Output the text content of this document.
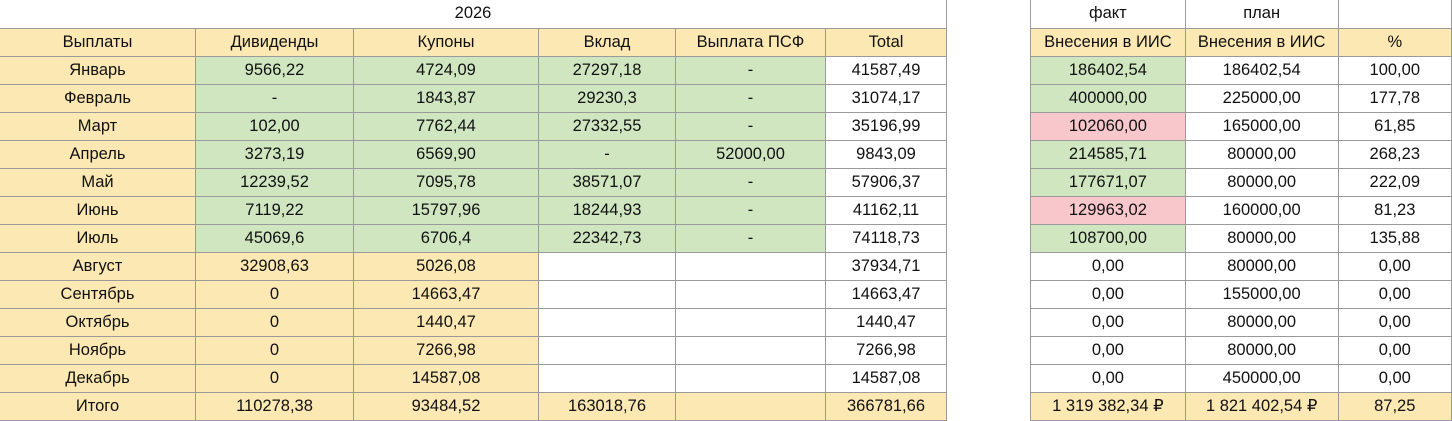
2026					
Выплаты	Дивиденды	Купоны	Вклад	Выплата ПСФ	Total
Январь	9566,22	4724,09	27297,18	-	41587,49
Февраль	-	1843,87	29230,3	-	31074,17
Март	102,00	7762,44	27332,55	-	35196,99
Апрель	3273,19	6569,90	-	52000,00	9843,09
Май	12239,52	7095,78	38571,07	-	57906,37
Июнь	7119,22	15797,96	18244,93	-	41162,11
Июль	45069,6	6706,4	22342,73	-	74118,73
Август	32908,63	5026,08			37934,71
Сентябрь	0	14663,47			14663,47
Октябрь	0	1440,47			1440,47
Ноябрь	0	7266,98			7266,98
Декабрь	0	14587,08			14587,08
Итого	110278,38	93484,52	163018,76		366781,66
факт	план	
Внесения в ИИС	Внесения в ИИС	%
186402,54	186402,54	100,00
400000,00	225000,00	177,78
102060,00	165000,00	61,85
214585,71	80000,00	268,23
177671,07	80000,00	222,09
129963,02	160000,00	81,23
108700,00	80000,00	135,88
0,00	80000,00	0,00
0,00	155000,00	0,00
0,00	80000,00	0,00
0,00	80000,00	0,00
0,00	450000,00	0,00
1 319 382,34 ₽	1 821 402,54 ₽	87,25
